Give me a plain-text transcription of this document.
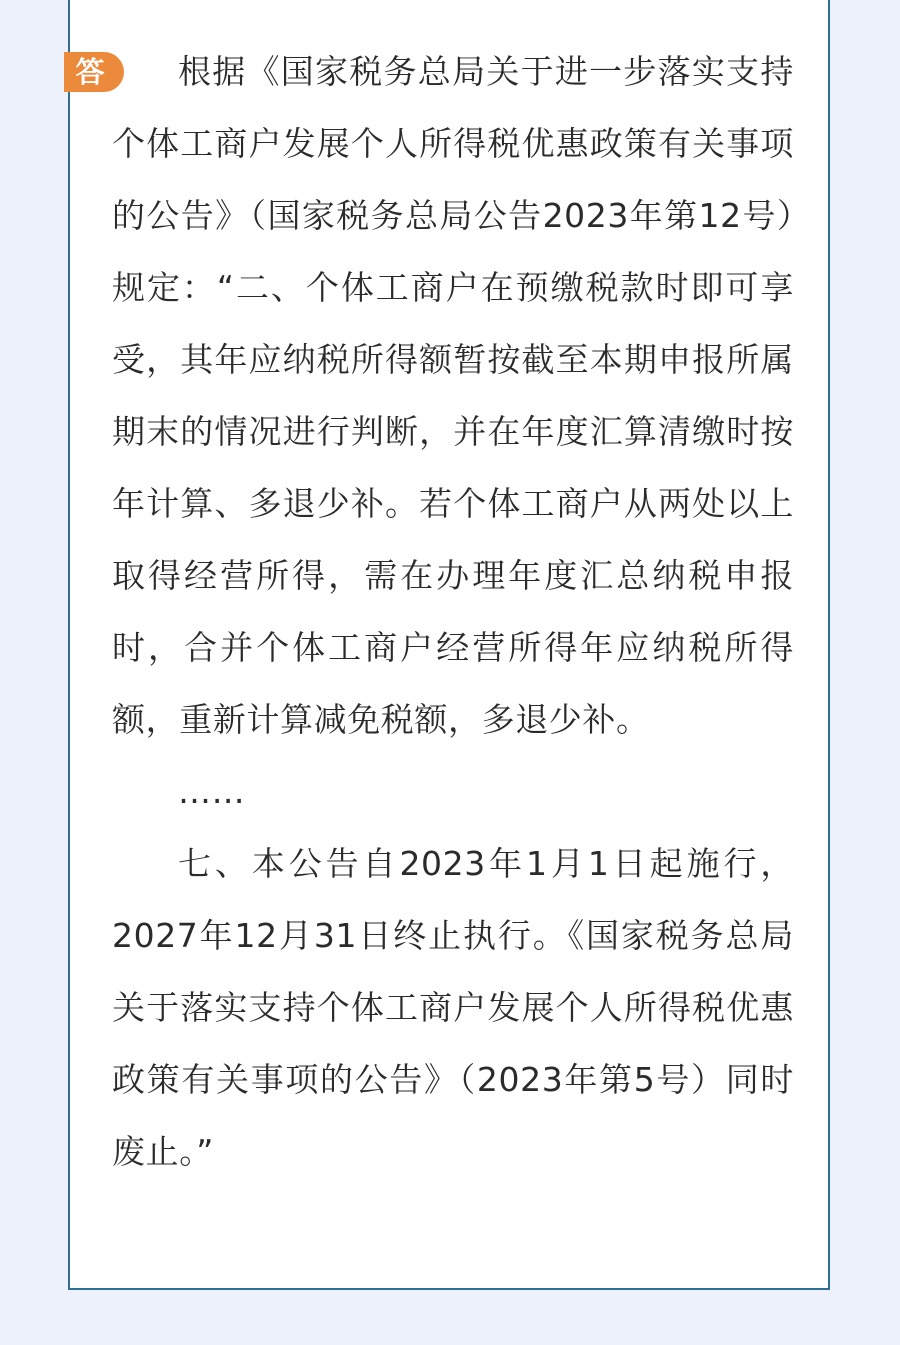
答	根据《国家税务总局关于进一步落实支持个体工商户发展个人所得税优惠政策有关事项的公告》（国家税务总局公告2023年第12号）规定：“二、个体工商户在预缴税款时即可享受，其年应纳税所得额暂按截至本期申报所属期末的情况进行判断，并在年度汇算清缴时按年计算、多退少补。若个体工商户从两处以上取得经营所得，需在办理年度汇总纳税申报时，合并个体工商户经营所得年应纳税所得额，重新计算减免税额，多退少补。

……

七、本公告自2023年1月1日起施行，2027年12月31日终止执行。《国家税务总局关于落实支持个体工商户发展个人所得税优惠政策有关事项的公告》（2023年第5号）同时废止。”
